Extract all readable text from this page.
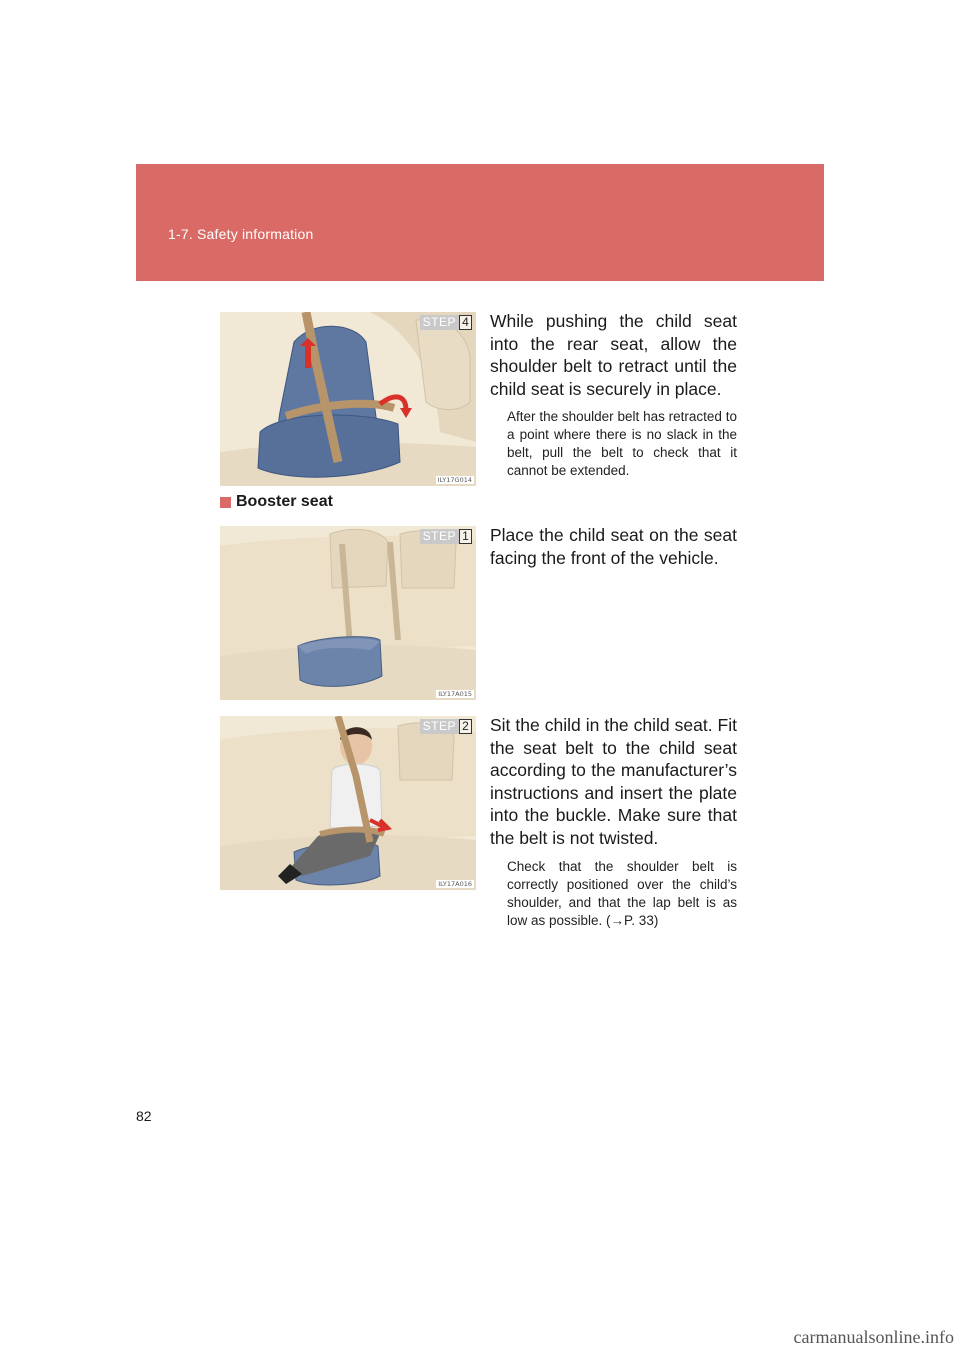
1-7. Safety information
STEP 4
ILY17G014

While pushing the child seat into the rear seat, allow the shoulder belt to retract until the child seat is securely in place.

After the shoulder belt has retracted to a point where there is no slack in the belt, pull the belt to check that it cannot be extended.

Booster seat
STEP 1
ILY17A015

Place the child seat on the seat facing the front of the vehicle.

STEP 2
ILY17A016

Sit the child in the child seat. Fit the seat belt to the child seat according to the manufacturer’s instructions and insert the plate into the buckle. Make sure that the belt is not twisted.

Check that the shoulder belt is correctly positioned over the child’s shoulder, and that the lap belt is as low as possible. (→P. 33)

82
carmanualsonline.info
